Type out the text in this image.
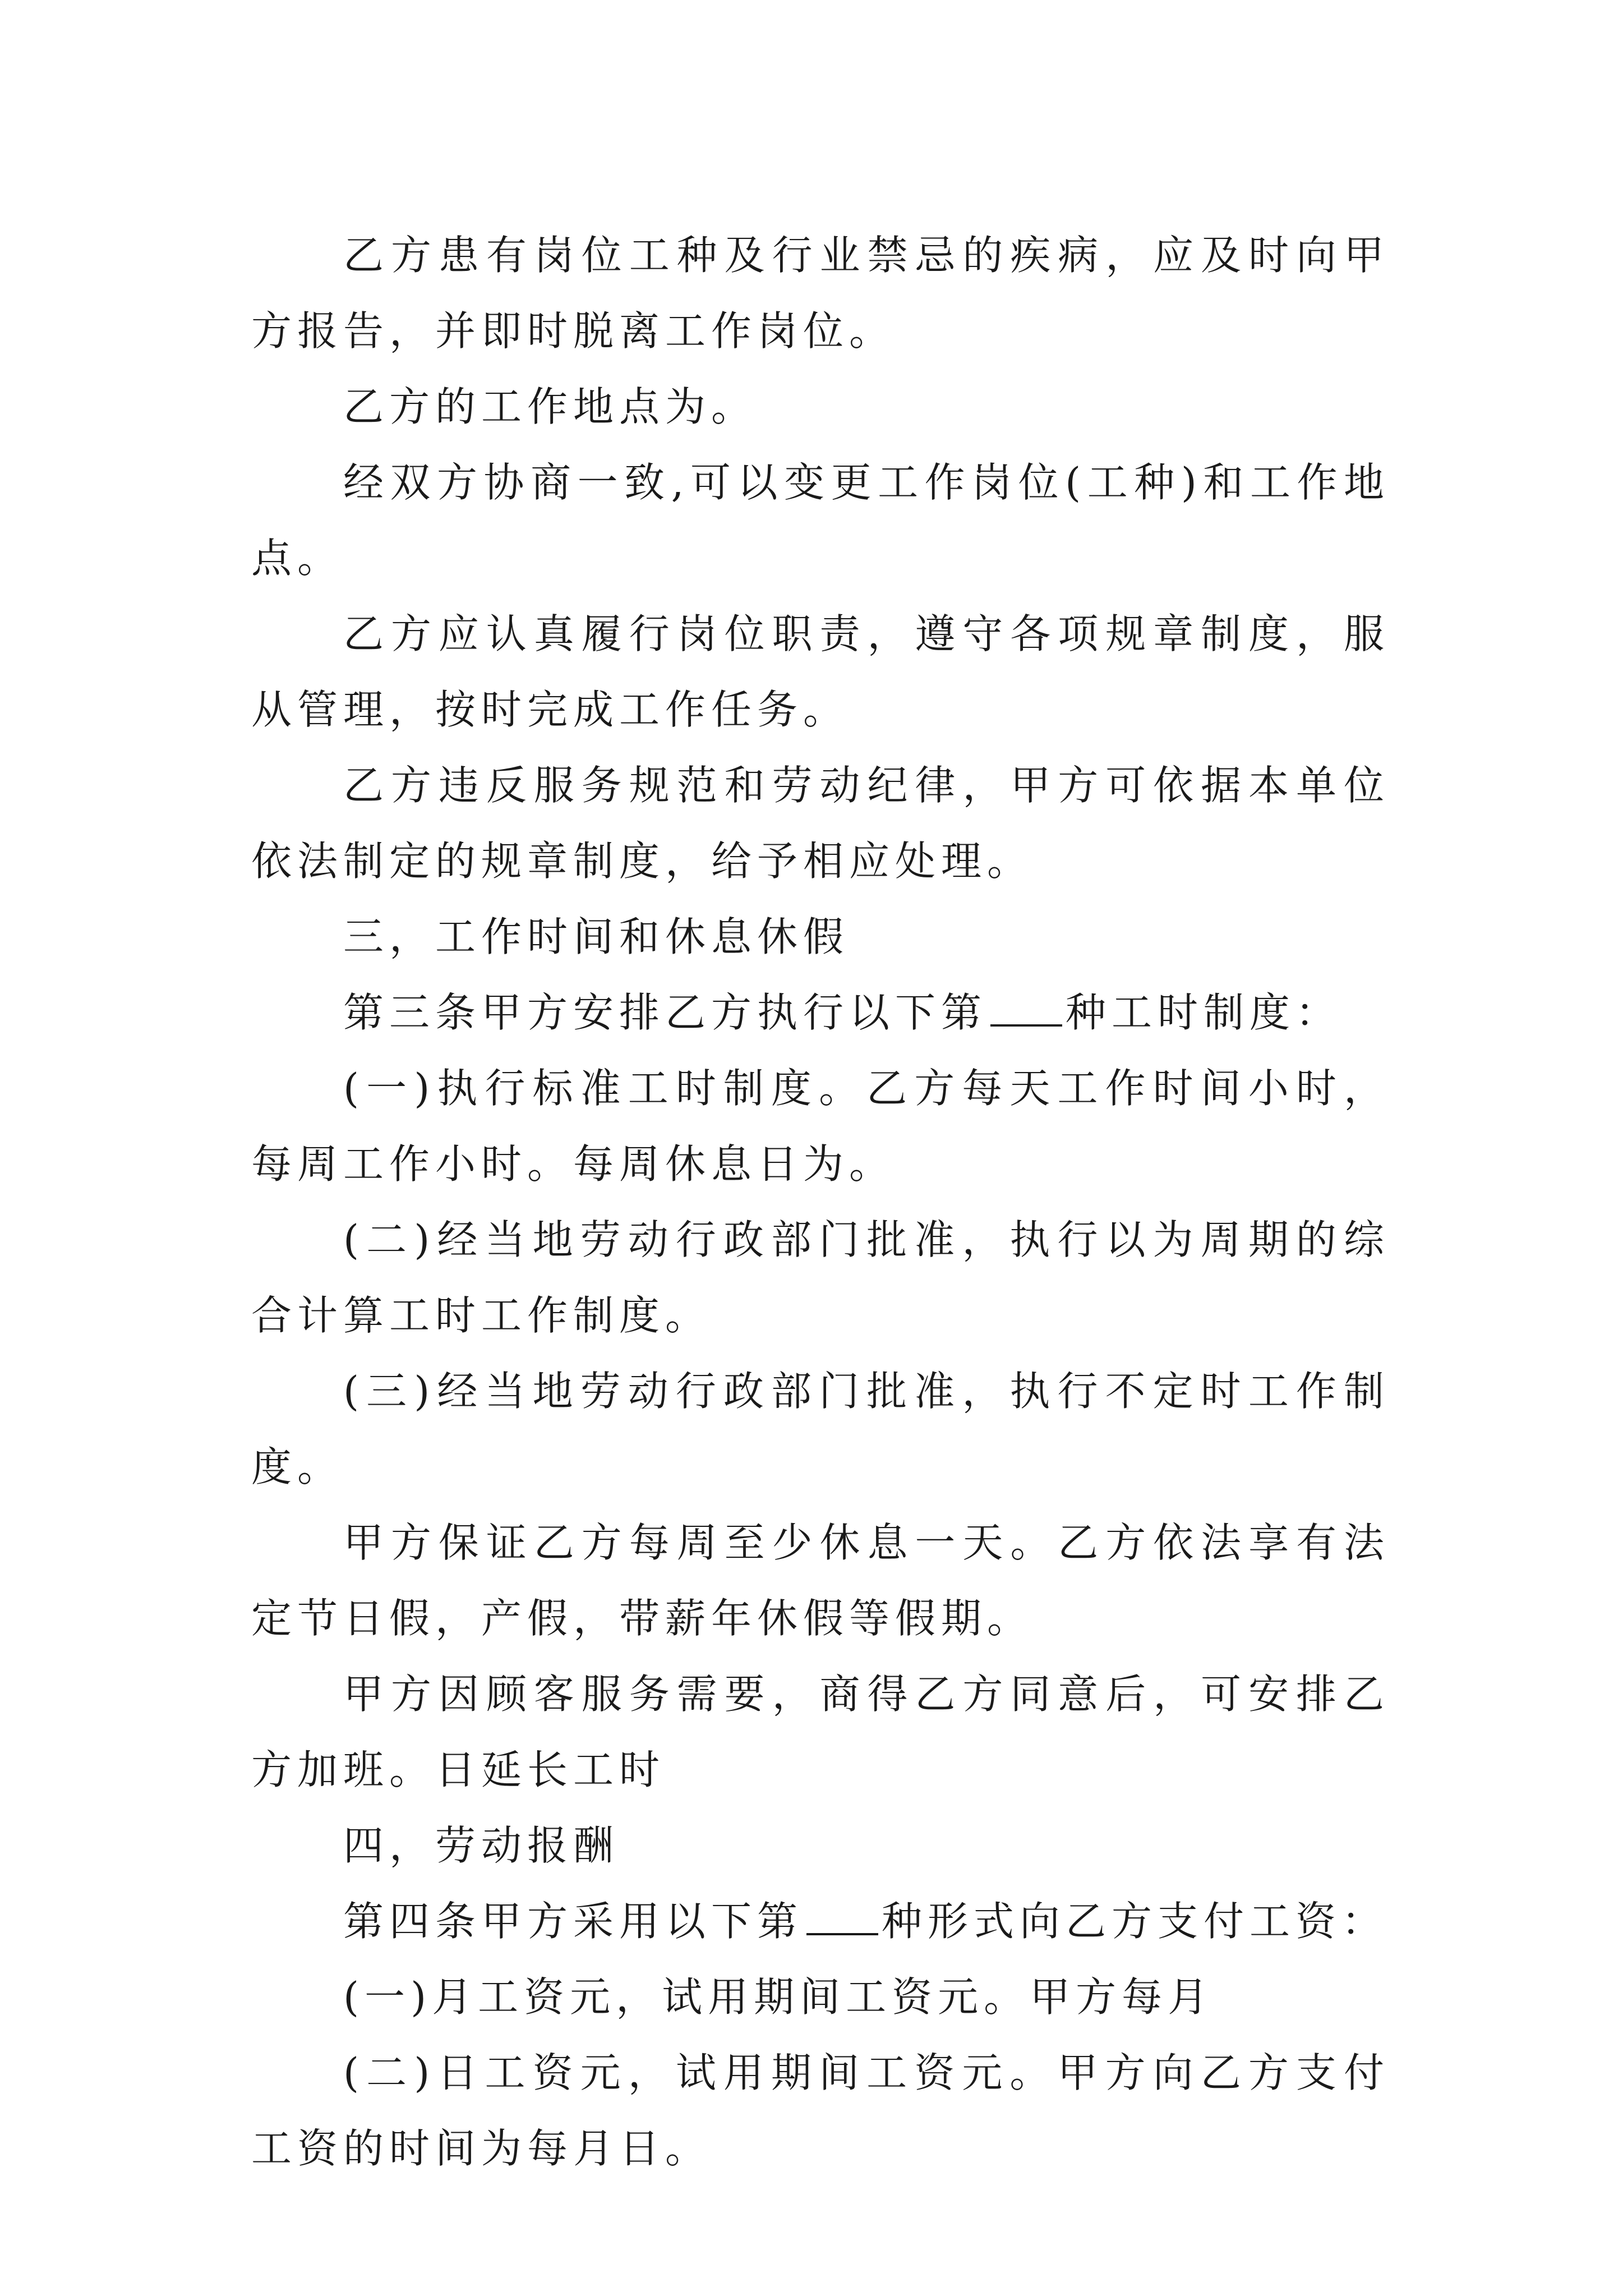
乙方患有岗位工种及行业禁忌的疾病，应及时向甲方报告，并即时脱离工作岗位。

乙方的工作地点为。

经双方协商一致,可以变更工作岗位(工种)和工作地点。

乙方应认真履行岗位职责，遵守各项规章制度，服从管理，按时完成工作任务。

乙方违反服务规范和劳动纪律，甲方可依据本单位依法制定的规章制度，给予相应处理。

三，工作时间和休息休假

第三条甲方安排乙方执行以下第 种工时制度：

(一)执行标准工时制度。乙方每天工作时间小时，每周工作小时。每周休息日为。

(二)经当地劳动行政部门批准，执行以为周期的综合计算工时工作制度。

(三)经当地劳动行政部门批准，执行不定时工作制度。

甲方保证乙方每周至少休息一天。乙方依法享有法定节日假，产假，带薪年休假等假期。

甲方因顾客服务需要，商得乙方同意后，可安排乙方加班。日延长工时

四，劳动报酬

第四条甲方采用以下第 种形式向乙方支付工资：

(一)月工资元，试用期间工资元。甲方每月

(二)日工资元，试用期间工资元。甲方向乙方支付工资的时间为每月日。
